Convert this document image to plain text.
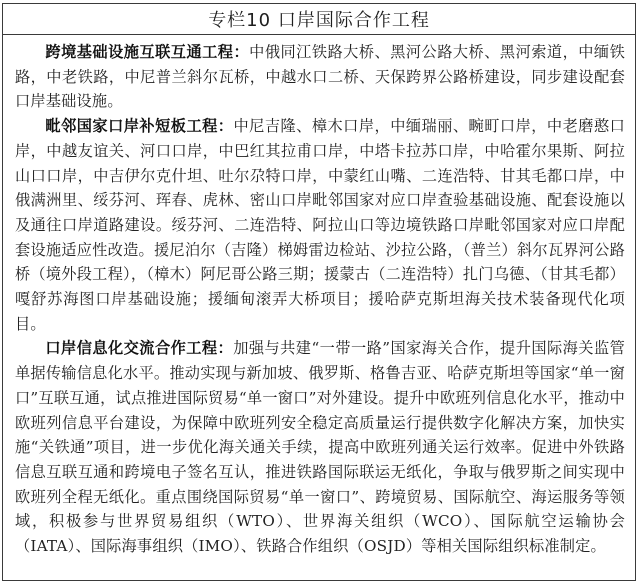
专栏10 口岸国际合作工程

跨境基础设施互联互通工程：中俄同江铁路大桥、黑河公路大桥、黑河索道，中缅铁路，中老铁路，中尼普兰斜尔瓦桥，中越水口二桥、天保跨界公路桥建设，同步建设配套口岸基础设施。

毗邻国家口岸补短板工程：中尼吉隆、樟木口岸，中缅瑞丽、畹町口岸，中老磨憨口岸，中越友谊关、河口口岸，中巴红其拉甫口岸，中塔卡拉苏口岸，中哈霍尔果斯、阿拉山口口岸，中吉伊尔克什坦、吐尔尕特口岸，中蒙红山嘴、二连浩特、甘其毛都口岸，中俄满洲里、绥芬河、珲春、虎林、密山口岸毗邻国家对应口岸查验基础设施、配套设施以及通往口岸道路建设。绥芬河、二连浩特、阿拉山口等边境铁路口岸毗邻国家对应口岸配套设施适应性改造。援尼泊尔（吉隆）梯姆雷边检站、沙拉公路，（普兰）斜尔瓦界河公路桥（境外段工程），（樟木）阿尼哥公路三期；援蒙古（二连浩特）扎门乌德、（甘其毛都）嘎舒苏海图口岸基础设施；援缅甸滚弄大桥项目；援哈萨克斯坦海关技术装备现代化项目。

口岸信息化交流合作工程：加强与共建“一带一路”国家海关合作，提升国际海关监管单据传输信息化水平。推动实现与新加坡、俄罗斯、格鲁吉亚、哈萨克斯坦等国家“单一窗口”互联互通，试点推进国际贸易“单一窗口”对外建设。提升中欧班列信息化水平，推动中欧班列信息平台建设，为保障中欧班列安全稳定高质量运行提供数字化解决方案，加快实施“关铁通”项目，进一步优化海关通关手续，提高中欧班列通关运行效率。促进中外铁路信息互联互通和跨境电子签名互认，推进铁路国际联运无纸化，争取与俄罗斯之间实现中欧班列全程无纸化。重点围绕国际贸易“单一窗口”、跨境贸易、国际航空、海运服务等领域，积极参与世界贸易组织（WTO）、世界海关组织（WCO）、国际航空运输协会（IATA）、国际海事组织（IMO）、铁路合作组织（OSJD）等相关国际组织标准制定。
